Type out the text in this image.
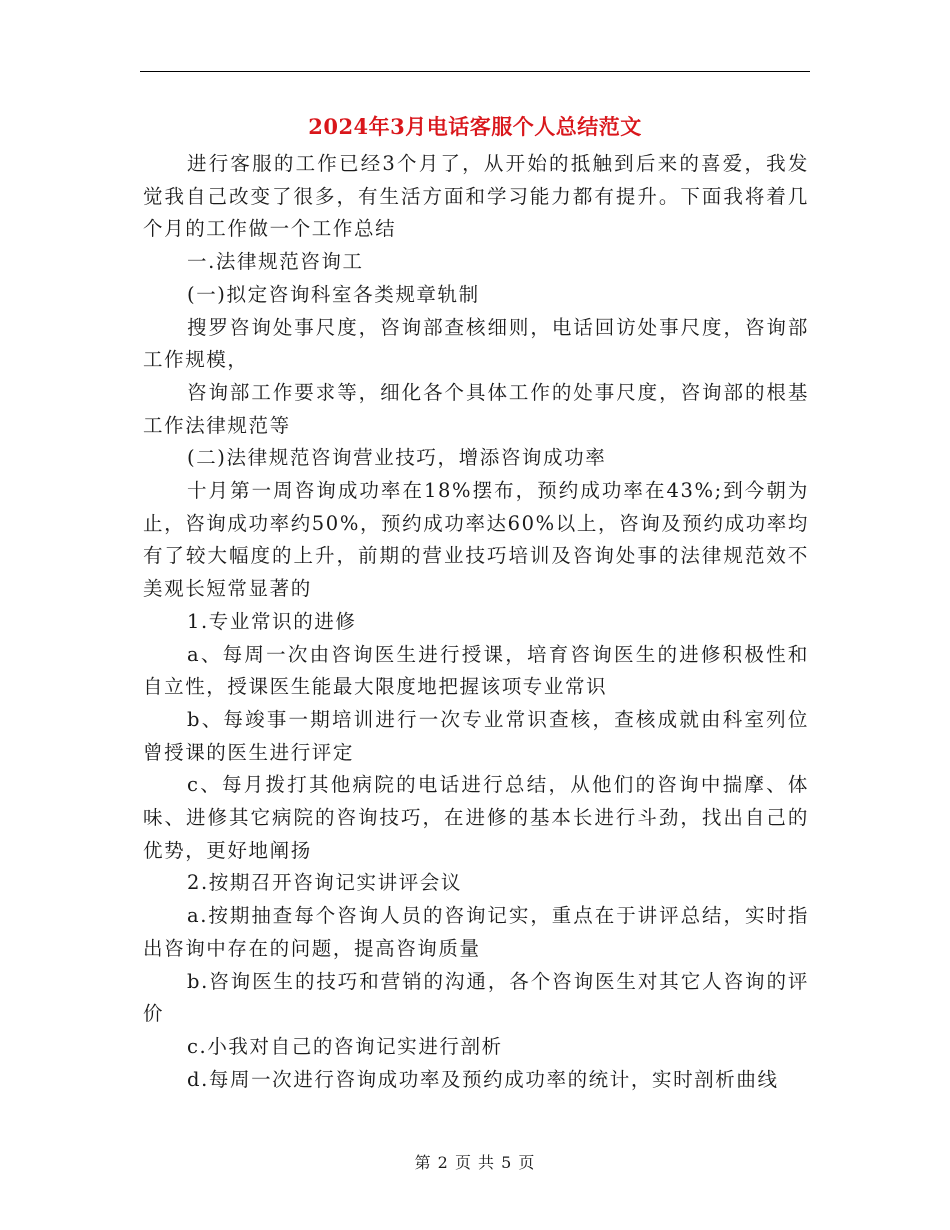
2024年3月电话客服个人总结范文

进行客服的工作已经3个月了，从开始的抵触到后来的喜爱，我发觉我自己改变了很多，有生活方面和学习能力都有提升。下面我将着几个月的工作做一个工作总结

一.法律规范咨询工

(一)拟定咨询科室各类规章轨制

搜罗咨询处事尺度，咨询部查核细则，电话回访处事尺度，咨询部工作规模，

咨询部工作要求等，细化各个具体工作的处事尺度，咨询部的根基工作法律规范等

(二)法律规范咨询营业技巧，增添咨询成功率

十月第一周咨询成功率在18%摆布，预约成功率在43%;到今朝为止，咨询成功率约50%，预约成功率达60%以上，咨询及预约成功率均有了较大幅度的上升，前期的营业技巧培训及咨询处事的法律规范效不美观长短常显著的

1.专业常识的进修

a、每周一次由咨询医生进行授课，培育咨询医生的进修积极性和自立性，授课医生能最大限度地把握该项专业常识

b、每竣事一期培训进行一次专业常识查核，查核成就由科室列位曾授课的医生进行评定

c、每月拨打其他病院的电话进行总结，从他们的咨询中揣摩、体味、进修其它病院的咨询技巧，在进修的基本长进行斗劲，找出自己的优势，更好地阐扬

2.按期召开咨询记实讲评会议

a.按期抽查每个咨询人员的咨询记实，重点在于讲评总结，实时指出咨询中存在的问题，提高咨询质量

b.咨询医生的技巧和营销的沟通，各个咨询医生对其它人咨询的评价

c.小我对自己的咨询记实进行剖析

d.每周一次进行咨询成功率及预约成功率的统计，实时剖析曲线

第 2 页 共 5 页
